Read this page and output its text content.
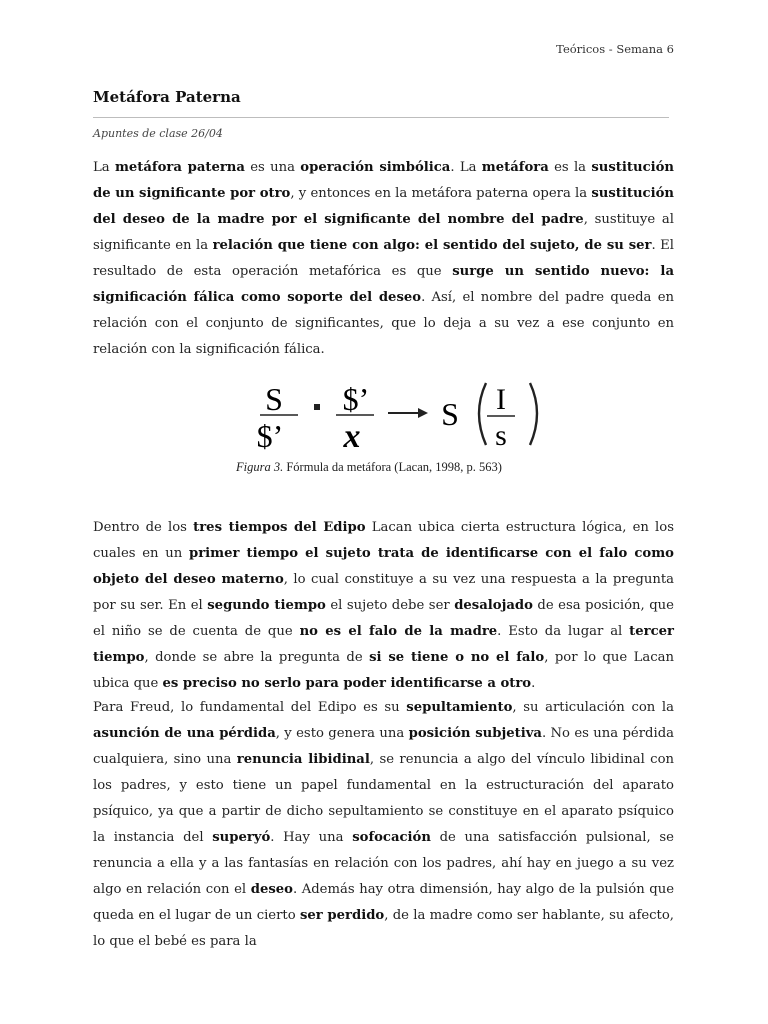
Teóricos - Semana 6
Metáfora Paterna
Apuntes de clase 26/04

La metáfora paterna es una operación simbólica. La metáfora es la sustitución de un significante por otro, y entonces en la metáfora paterna opera la sustitución del deseo de la madre por el significante del nombre del padre, sustituye al significante en la relación que tiene con algo: el sentido del sujeto, de su ser. El resultado de esta operación metafórica es que surge un sentido nuevo: la significación fálica como soporte del deseo. Así, el nombre del padre queda en relación con el conjunto de significantes, que lo deja a su vez a ese conjunto en relación con la significación fálica.

S
$’
$’
x
S I
s
Figura 3. Fórmula da metáfora (Lacan, 1998, p. 563)

Dentro de los tres tiempos del Edipo Lacan ubica cierta estructura lógica, en los cuales en un primer tiempo el sujeto trata de identificarse con el falo como objeto del deseo materno, lo cual constituye a su vez una respuesta a la pregunta por su ser. En el segundo tiempo el sujeto debe ser desalojado de esa posición, que el niño se de cuenta de que no es el falo de la madre. Esto da lugar al tercer tiempo, donde se abre la pregunta de si se tiene o no el falo, por lo que Lacan ubica que es preciso no serlo para poder identificarse a otro.

Para Freud, lo fundamental del Edipo es su sepultamiento, su articulación con la asunción de una pérdida, y esto genera una posición subjetiva. No es una pérdida cualquiera, sino una renuncia libidinal, se renuncia a algo del vínculo libidinal con los padres, y esto tiene un papel fundamental en la estructuración del aparato psíquico, ya que a partir de dicho sepultamiento se constituye en el aparato psíquico la instancia del superyó. Hay una sofocación de una satisfacción pulsional, se renuncia a ella y a las fantasías en relación con los padres, ahí hay en juego a su vez algo en relación con el deseo. Además hay otra dimensión, hay algo de la pulsión que queda en el lugar de un cierto ser perdido, de la madre como ser hablante, su afecto, lo que el bebé es para la
